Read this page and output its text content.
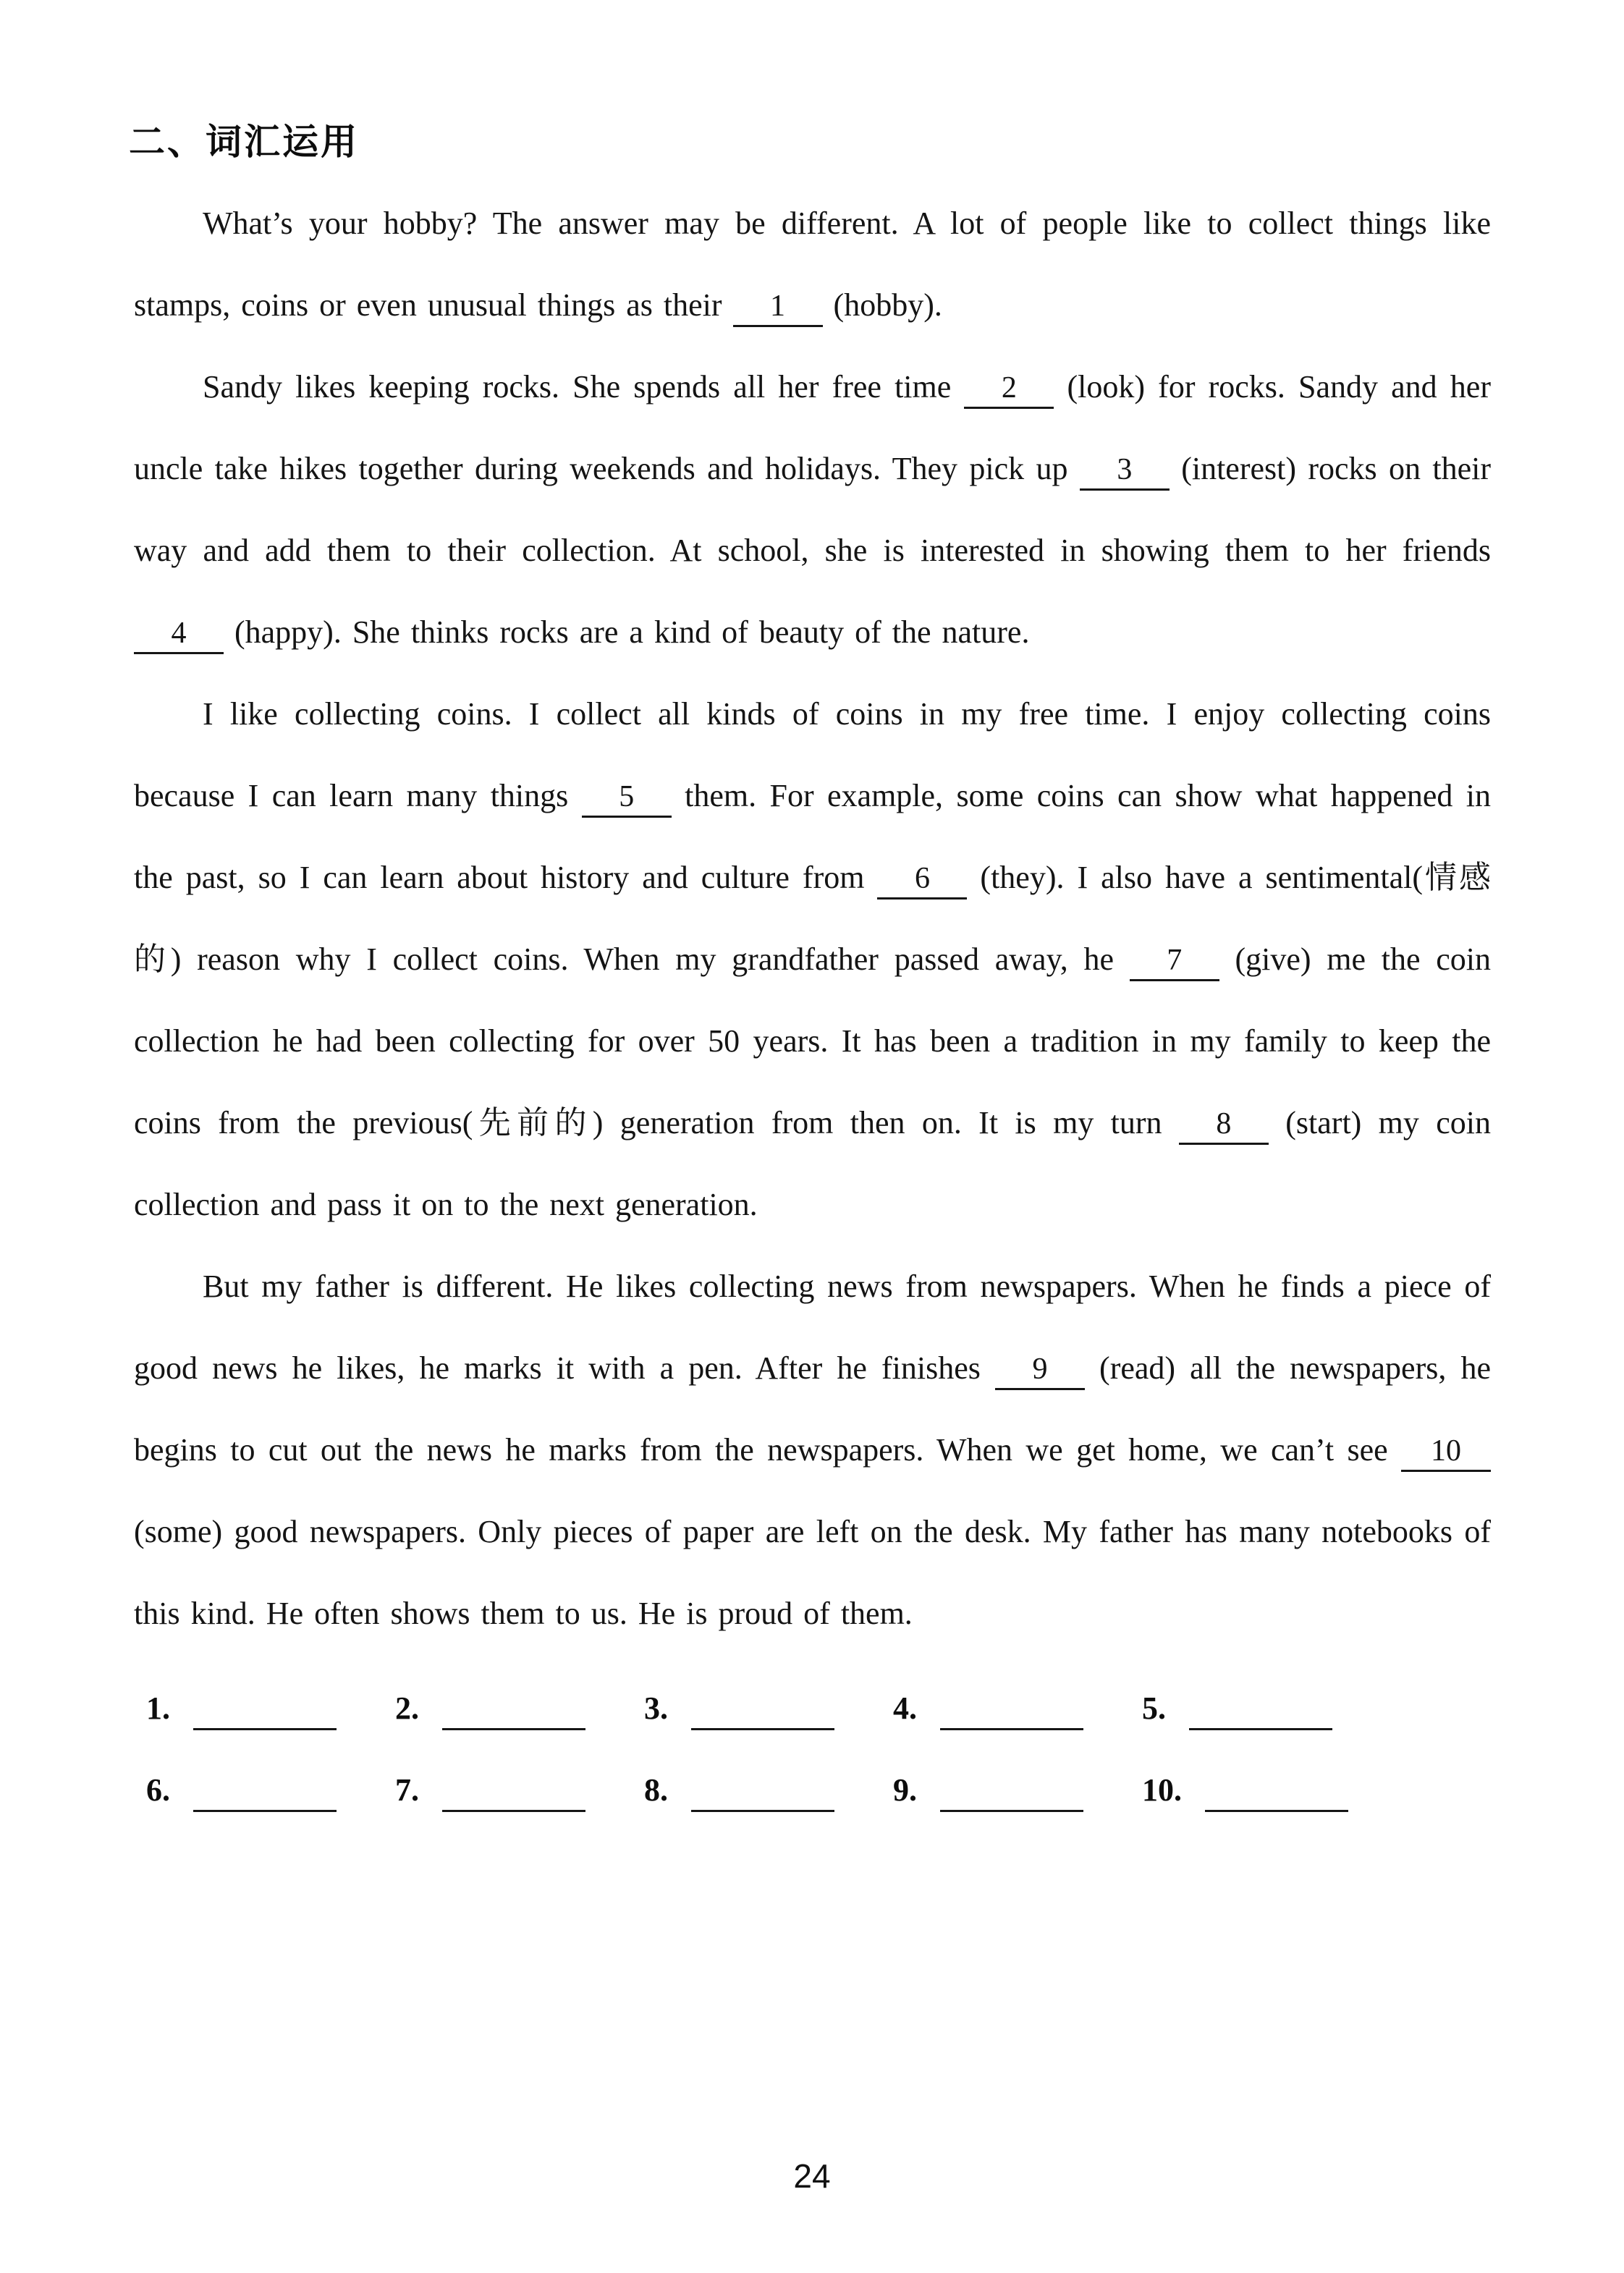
二、词汇运用

What’s your hobby? The answer may be different. A lot of people like to collect things like stamps, coins or even unusual things as their 1 (hobby).

Sandy likes keeping rocks. She spends all her free time 2 (look) for rocks. Sandy and her uncle take hikes together during weekends and holidays. They pick up 3 (interest) rocks on their way and add them to their collection. At school, she is interested in showing them to her friends 4 (happy). She thinks rocks are a kind of beauty of the nature.

I like collecting coins. I collect all kinds of coins in my free time. I enjoy collecting coins because I can learn many things 5 them. For example, some coins can show what happened in the past, so I can learn about history and culture from 6 (they). I also have a sentimental(情感的) reason why I collect coins. When my grandfather passed away, he 7 (give) me the coin collection he had been collecting for over 50 years. It has been a tradition in my family to keep the coins from the previous(先前的) generation from then on. It is my turn 8 (start) my coin collection and pass it on to the next generation.

But my father is different. He likes collecting news from newspapers. When he finds a piece of good news he likes, he marks it with a pen. After he finishes 9 (read) all the newspapers, he begins to cut out the news he marks from the newspapers. When we get home, we can’t see 10 (some) good newspapers. Only pieces of paper are left on the desk. My father has many notebooks of this kind. He often shows them to us. He is proud of them.

1.	2.	3.	4.	5.
6.	7.	8.	9.	10.

24
